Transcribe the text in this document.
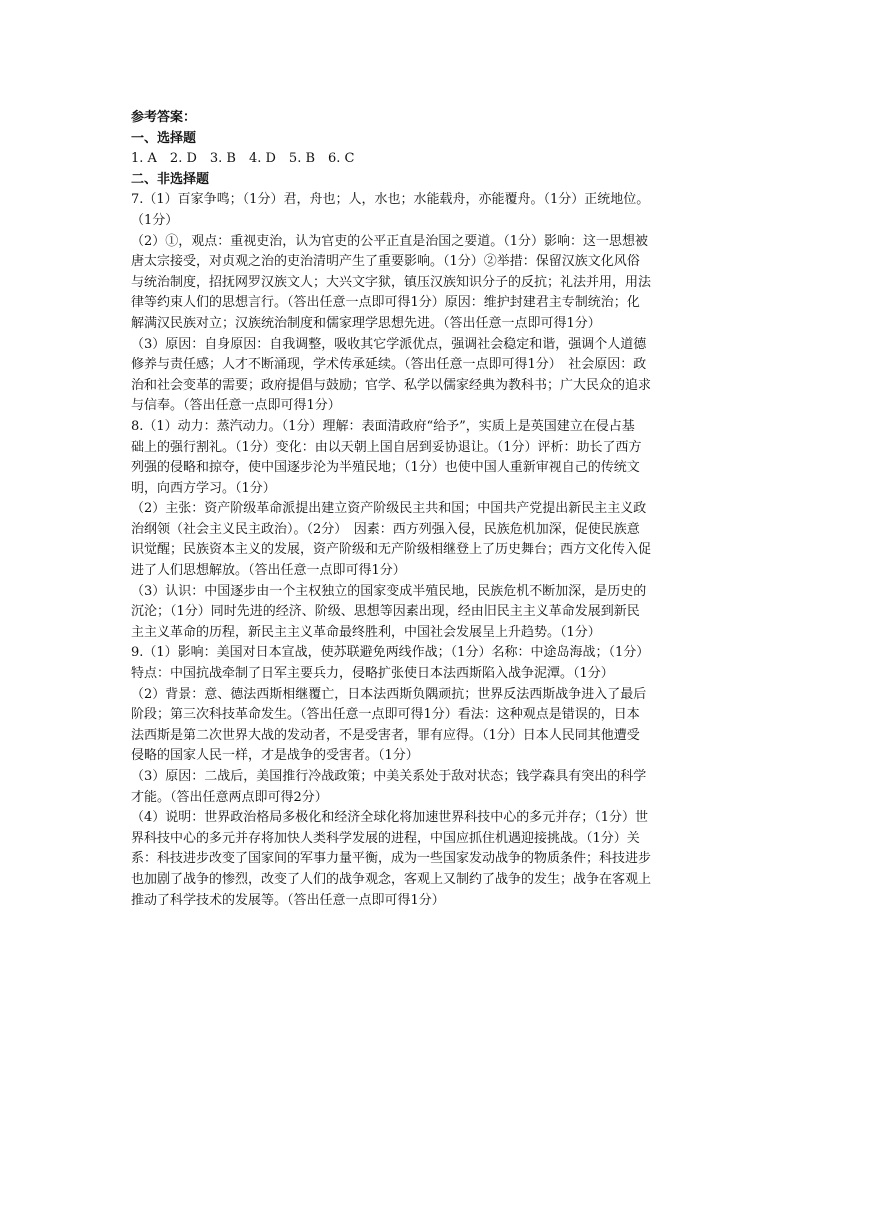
参考答案：
一、选择题
1. A　2. D　3. B　4. D　5. B　6. C
二、非选择题
7.（1）百家争鸣；（1分）君，舟也；人，水也；水能载舟，亦能覆舟。（1分）正统地位。
（1分）
（2）①，观点：重视吏治，认为官吏的公平正直是治国之要道。（1分）影响：这一思想被
唐太宗接受，对贞观之治的吏治清明产生了重要影响。（1分）②举措：保留汉族文化风俗
与统治制度，招抚网罗汉族文人；大兴文字狱，镇压汉族知识分子的反抗；礼法并用，用法
律等约束人们的思想言行。（答出任意一点即可得1分）原因：维护封建君主专制统治；化
解满汉民族对立；汉族统治制度和儒家理学思想先进。（答出任意一点即可得1分）
（3）原因：自身原因：自我调整，吸收其它学派优点，强调社会稳定和谐，强调个人道德
修养与责任感；人才不断涌现，学术传承延续。（答出任意一点即可得1分）　社会原因：政
治和社会变革的需要；政府提倡与鼓励；官学、私学以儒家经典为教科书；广大民众的追求
与信奉。（答出任意一点即可得1分）
8.（1）动力：蒸汽动力。（1分）理解：表面清政府“给予”，实质上是英国建立在侵占基
础上的强行割礼。（1分）变化：由以天朝上国自居到妥协退让。（1分）评析：助长了西方
列强的侵略和掠夺，使中国逐步沦为半殖民地；（1分）也使中国人重新审视自己的传统文
明，向西方学习。（1分）
（2）主张：资产阶级革命派提出建立资产阶级民主共和国；中国共产党提出新民主主义政
治纲领（社会主义民主政治）。（2分）　因素：西方列强入侵，民族危机加深，促使民族意
识觉醒；民族资本主义的发展，资产阶级和无产阶级相继登上了历史舞台；西方文化传入促
进了人们思想解放。（答出任意一点即可得1分）
（3）认识：中国逐步由一个主权独立的国家变成半殖民地，民族危机不断加深，是历史的
沉沦；（1分）同时先进的经济、阶级、思想等因素出现，经由旧民主主义革命发展到新民
主主义革命的历程，新民主主义革命最终胜利，中国社会发展呈上升趋势。（1分）
9.（1）影响：美国对日本宣战，使苏联避免两线作战；（1分）名称：中途岛海战；（1分）
特点：中国抗战牵制了日军主要兵力，侵略扩张使日本法西斯陷入战争泥潭。（1分）
（2）背景：意、德法西斯相继覆亡，日本法西斯负隅顽抗；世界反法西斯战争进入了最后
阶段；第三次科技革命发生。（答出任意一点即可得1分）看法：这种观点是错误的，日本
法西斯是第二次世界大战的发动者，不是受害者，罪有应得。（1分）日本人民同其他遭受
侵略的国家人民一样，才是战争的受害者。（1分）
（3）原因：二战后，美国推行冷战政策；中美关系处于敌对状态；钱学森具有突出的科学
才能。（答出任意两点即可得2分）
（4）说明：世界政治格局多极化和经济全球化将加速世界科技中心的多元并存；（1分）世
界科技中心的多元并存将加快人类科学发展的进程，中国应抓住机遇迎接挑战。（1分）关
系：科技进步改变了国家间的军事力量平衡，成为一些国家发动战争的物质条件；科技进步
也加剧了战争的惨烈，改变了人们的战争观念，客观上又制约了战争的发生；战争在客观上
推动了科学技术的发展等。（答出任意一点即可得1分）
